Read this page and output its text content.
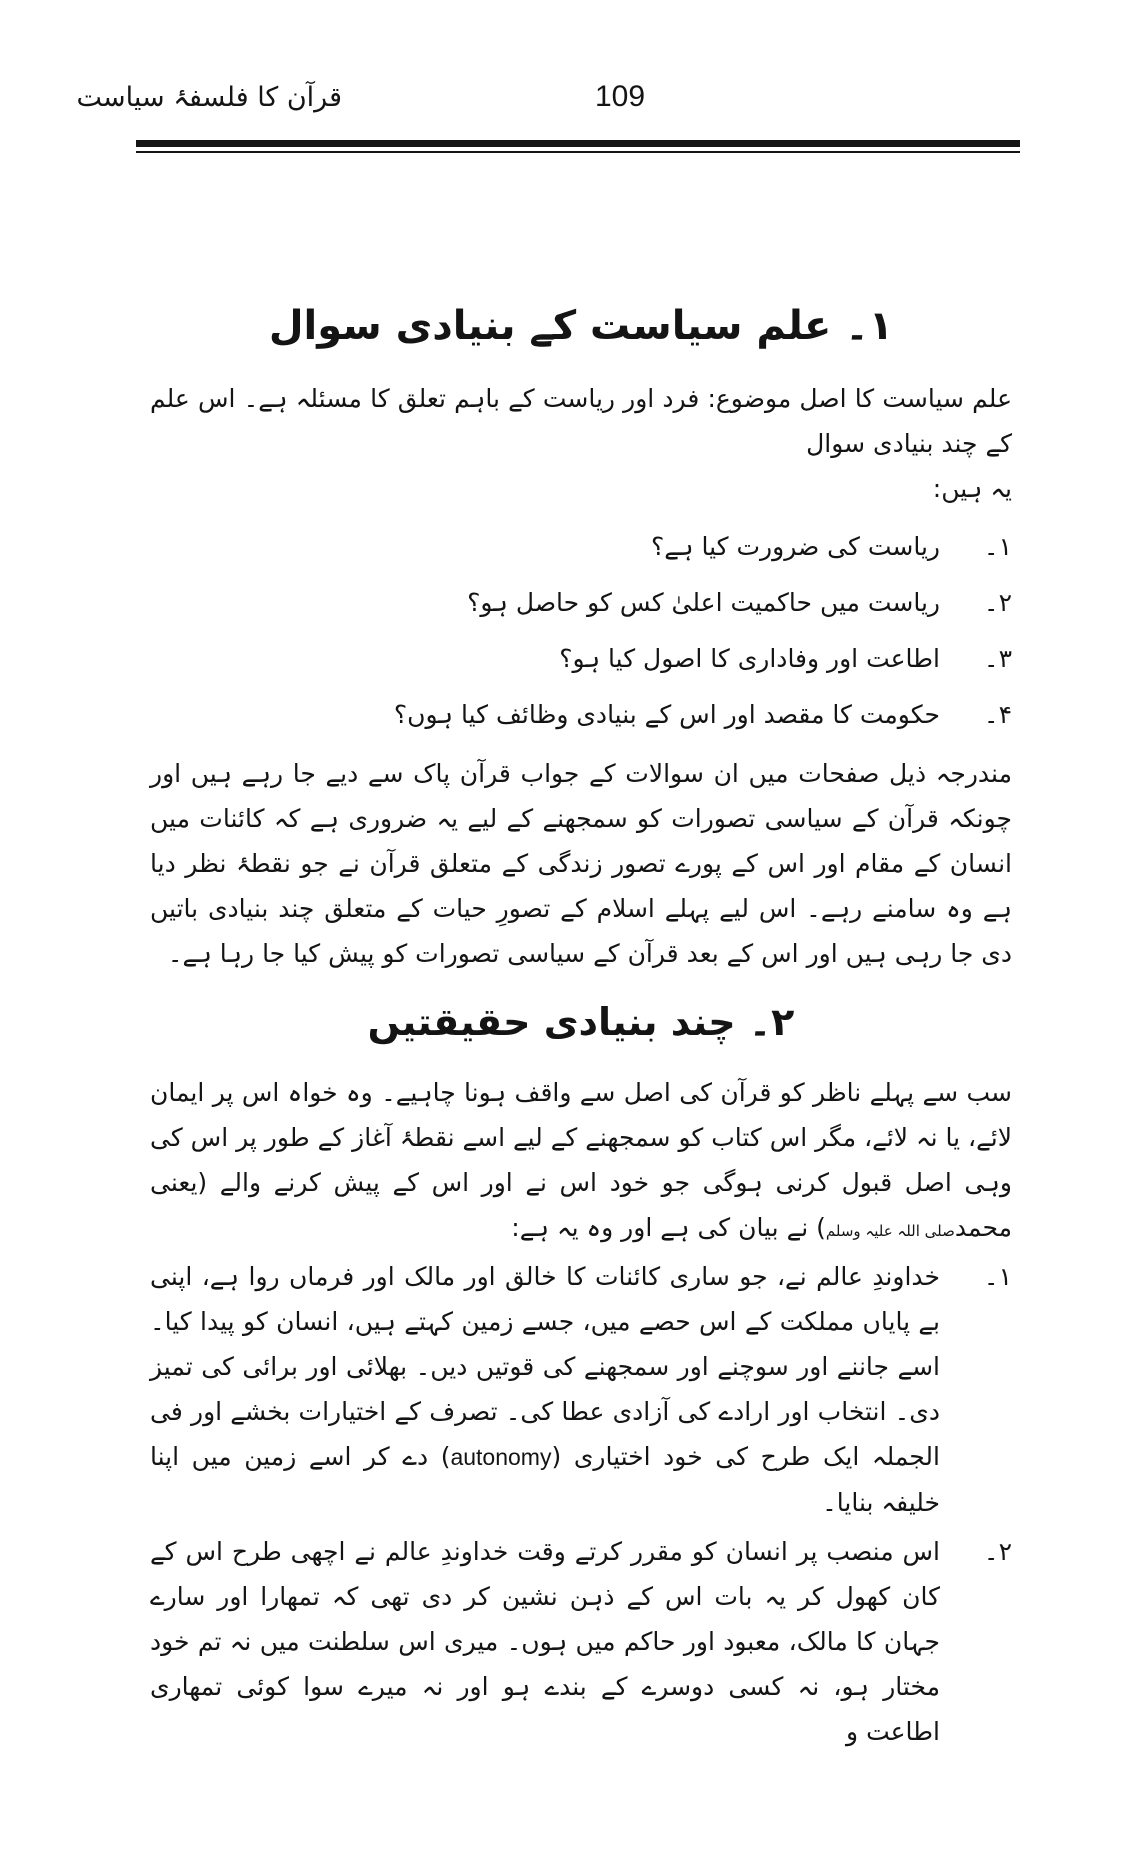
قرآن کا فلسفۂ سیاست	109
۱۔ علم سیاست کے بنیادی سوال

علم سیاست کا اصل موضوع: فرد اور ریاست کے باہم تعلق کا مسئلہ ہے۔ اس علم کے چند بنیادی سوال

یہ ہیں:

۱۔
ریاست کی ضرورت کیا ہے؟
۲۔
ریاست میں حاکمیت اعلیٰ کس کو حاصل ہو؟
۳۔
اطاعت اور وفاداری کا اصول کیا ہو؟
۴۔
حکومت کا مقصد اور اس کے بنیادی وظائف کیا ہوں؟

مندرجہ ذیل صفحات میں ان سوالات کے جواب قرآن پاک سے دیے جا رہے ہیں اور چونکہ قرآن کے سیاسی تصورات کو سمجھنے کے لیے یہ ضروری ہے کہ کائنات میں انسان کے مقام اور اس کے پورے تصور زندگی کے متعلق قرآن نے جو نقطۂ نظر دیا ہے وہ سامنے رہے۔ اس لیے پہلے اسلام کے تصورِ حیات کے متعلق چند بنیادی باتیں دی جا رہی ہیں اور اس کے بعد قرآن کے سیاسی تصورات کو پیش کیا جا رہا ہے۔

۲۔ چند بنیادی حقیقتیں

سب سے پہلے ناظر کو قرآن کی اصل سے واقف ہونا چاہیے۔ وہ خواہ اس پر ایمان لائے، یا نہ لائے، مگر اس کتاب کو سمجھنے کے لیے اسے نقطۂ آغاز کے طور پر اس کی وہی اصل قبول کرنی ہوگی جو خود اس نے اور اس کے پیش کرنے والے (یعنی محمدصلی اللہ علیہ وسلم) نے بیان کی ہے اور وہ یہ ہے:

۱۔
خداوندِ عالم نے، جو ساری کائنات کا خالق اور مالک اور فرماں روا ہے، اپنی بے پایاں مملکت کے اس حصے میں، جسے زمین کہتے ہیں، انسان کو پیدا کیا۔ اسے جاننے اور سوچنے اور سمجھنے کی قوتیں دیں۔ بھلائی اور برائی کی تمیز دی۔ انتخاب اور ارادے کی آزادی عطا کی۔ تصرف کے اختیارات بخشے اور فی الجملہ ایک طرح کی خود اختیاری (autonomy) دے کر اسے زمین میں اپنا خلیفہ بنایا۔
۲۔
اس منصب پر انسان کو مقرر کرتے وقت خداوندِ عالم نے اچھی طرح اس کے کان کھول کر یہ بات اس کے ذہن نشین کر دی تھی کہ تمھارا اور سارے جہان کا مالک، معبود اور حاکم میں ہوں۔ میری اس سلطنت میں نہ تم خود مختار ہو، نہ کسی دوسرے کے بندے ہو اور نہ میرے سوا کوئی تمھاری اطاعت و
